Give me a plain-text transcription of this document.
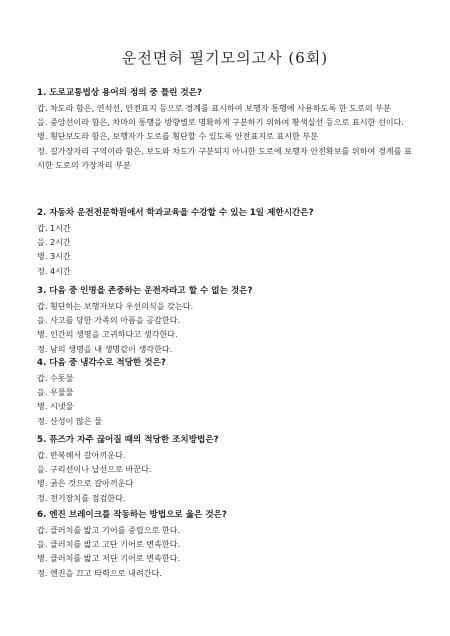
운전면허 필기모의고사 (6회)
1. 도로교통법상 용어의 정의 중 틀린 것은?
갑. 차도라 함은, 연석선, 안전표지 등으로 경계를 표시하여 보행자 통행에 사용하도록 한 도로의 부분
을. 중앙선이라 함은, 차마의 통행을 방향별로 명확하게 구분하기 위하여 황색실선 등으로 표시한 선이다.
병. 횡단보도라 함은, 보행자가 도로를 횡단할 수 있도록 안전표지로 표시한 부분
정. 길가장자리 구역이라 함은, 보도와 차도가 구분되지 아니한 도로에 보행자 안전확보를 위하여 경계를 표시한 도로의 가장자리 부분
2. 자동차 운전전문학원에서 학과교육을 수강할 수 있는 1일 제한시간은?
갑. 1시간
을. 2시간
병. 3시간
정. 4시간
3. 다음 중 인명을 존중하는 운전자라고 할 수 없는 것은?
갑. 횡단하는 보행자보다 우선의식을 갖는다.
을. 사고를 당한 가족의 아픔을 공감한다.
병. 인간의 생명을 고귀하다고 생각한다.
정. 남의 생명을 내 생명같이 생각한다.
4. 다음 중 냉각수로 적당한 것은?
갑. 수돗물
을. 우물물
병. 시냇물
정. 산성이 많은 물
5. 퓨즈가 자주 끊어질 때의 적당한 조치방법은?
갑. 반복해서 갈아끼운다.
을. 구리선이나 납선으로 바꾼다.
병. 굵은 것으로 갈아끼운다
정. 전기장치를 점검한다.
6. 엔진 브레이크를 작동하는 방법으로 옳은 것은?
갑. 클러치를 밟고 기어를 중립으로 한다.
을. 클러치를 밟고 고단 기어로 변속한다.
병. 클러치를 밟고 저단 기어로 변속한다.
정. 엔진을 끄고 타력으로 내려간다.
